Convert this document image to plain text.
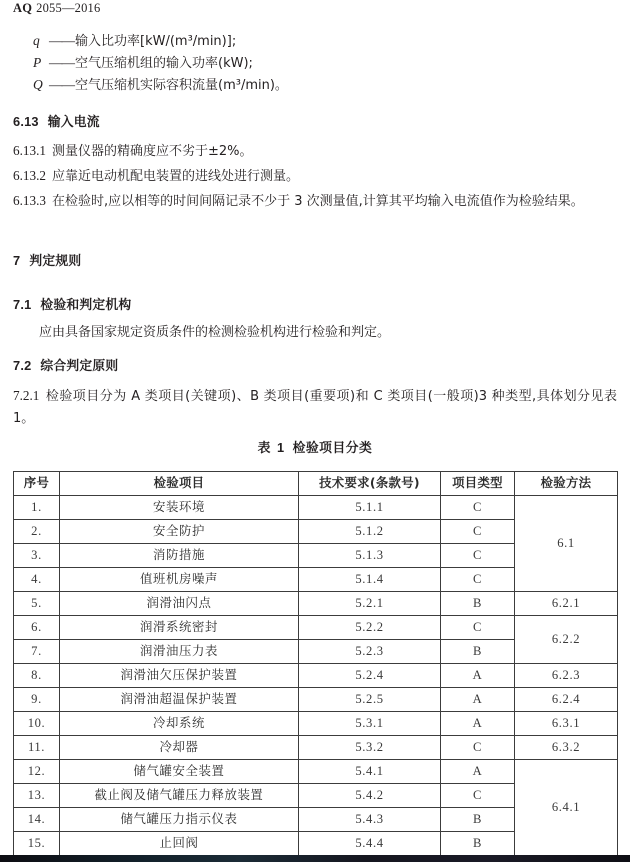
AQ 2055—2016
q ——输入比功率[kW/(m³/min)];
P ——空气压缩机组的输入功率(kW);
Q ——空气压缩机实际容积流量(m³/min)。
6.13 输入电流
6.13.1 测量仪器的精确度应不劣于±2%。
6.13.2 应靠近电动机配电装置的进线处进行测量。
6.13.3 在检验时,应以相等的时间间隔记录不少于 3 次测量值,计算其平均输入电流值作为检验结果。
7 判定规则
7.1 检验和判定机构
应由具备国家规定资质条件的检测检验机构进行检验和判定。
7.2 综合判定原则
7.2.1 检验项目分为 A 类项目(关键项)、B 类项目(重要项)和 C 类项目(一般项)3 种类型,具体划分见表 1。
表 1 检验项目分类
序号	检验项目	技术要求(条款号)	项目类型	检验方法
1.	安装环境	5.1.1	C	6.1
2.	安全防护	5.1.2	C	
3.	消防措施	5.1.3	C	
4.	值班机房噪声	5.1.4	C	
5.	润滑油闪点	5.2.1	B	6.2.1
6.	润滑系统密封	5.2.2	C	6.2.2
7.	润滑油压力表	5.2.3	B	
8.	润滑油欠压保护装置	5.2.4	A	6.2.3
9.	润滑油超温保护装置	5.2.5	A	6.2.4
10.	冷却系统	5.3.1	A	6.3.1
11.	冷却器	5.3.2	C	6.3.2
12.	储气罐安全装置	5.4.1	A	6.4.1
13.	截止阀及储气罐压力释放装置	5.4.2	C	
14.	储气罐压力指示仪表	5.4.3	B	
15.	止回阀	5.4.4	B	
